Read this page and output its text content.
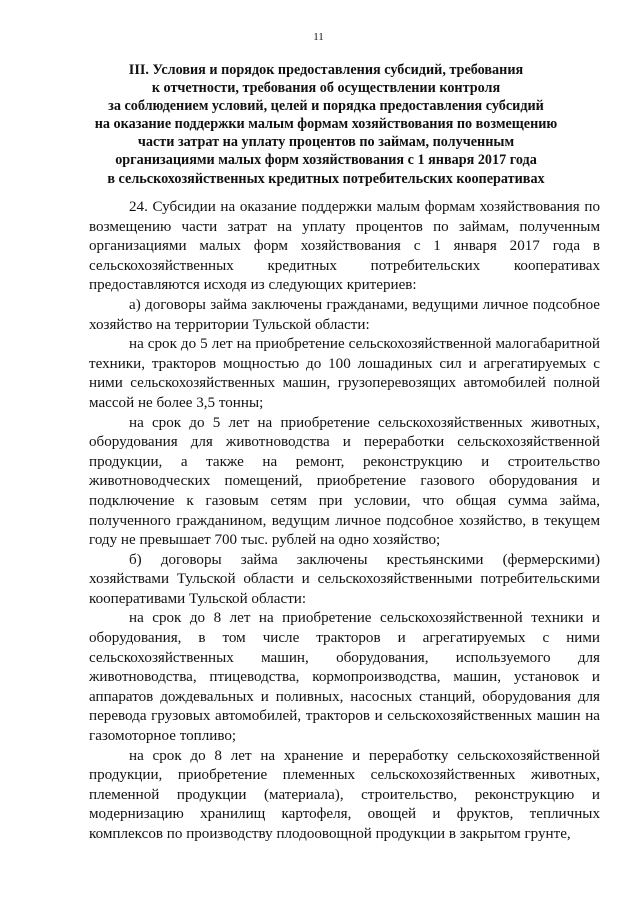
11
III. Условия и порядок предоставления субсидий, требования
к отчетности, требования об осуществлении контроля
за соблюдением условий, целей и порядка предоставления субсидий
на оказание поддержки малым формам хозяйствования по возмещению
части затрат на уплату процентов по займам, полученным
организациями малых форм хозяйствования с 1 января 2017 года
в сельскохозяйственных кредитных потребительских кооперативах

24. Субсидии на оказание поддержки малым формам хозяйствования по возмещению части затрат на уплату процентов по займам, полученным организациями малых форм хозяйствования с 1 января 2017 года в сельскохозяйственных кредитных потребительских кооперативах предоставляются исходя из следующих критериев:

а) договоры займа заключены гражданами, ведущими личное подсобное хозяйство на территории Тульской области:

на срок до 5 лет на приобретение сельскохозяйственной малогабаритной техники, тракторов мощностью до 100 лошадиных сил и агрегатируемых с ними сельскохозяйственных машин, грузоперевозящих автомобилей полной массой не более 3,5 тонны;

на срок до 5 лет на приобретение сельскохозяйственных животных, оборудования для животноводства и переработки сельскохозяйственной продукции, а также на ремонт, реконструкцию и строительство животноводческих помещений, приобретение газового оборудования и подключение к газовым сетям при условии, что общая сумма займа, полученного гражданином, ведущим личное подсобное хозяйство, в текущем году не превышает 700 тыс. рублей на одно хозяйство;

б) договоры займа заключены крестьянскими (фермерскими) хозяйствами Тульской области и сельскохозяйственными потребительскими кооперативами Тульской области:

на срок до 8 лет на приобретение сельскохозяйственной техники и оборудования, в том числе тракторов и агрегатируемых с ними сельскохозяйственных машин, оборудования, используемого для животноводства, птицеводства, кормопроизводства, машин, установок и аппаратов дождевальных и поливных, насосных станций, оборудования для перевода грузовых автомобилей, тракторов и сельскохозяйственных машин на газомоторное топливо;

на срок до 8 лет на хранение и переработку сельскохозяйственной продукции, приобретение племенных сельскохозяйственных животных, племенной продукции (материала), строительство, реконструкцию и модернизацию хранилищ картофеля, овощей и фруктов, тепличных комплексов по производству плодоовощной продукции в закрытом грунте,
